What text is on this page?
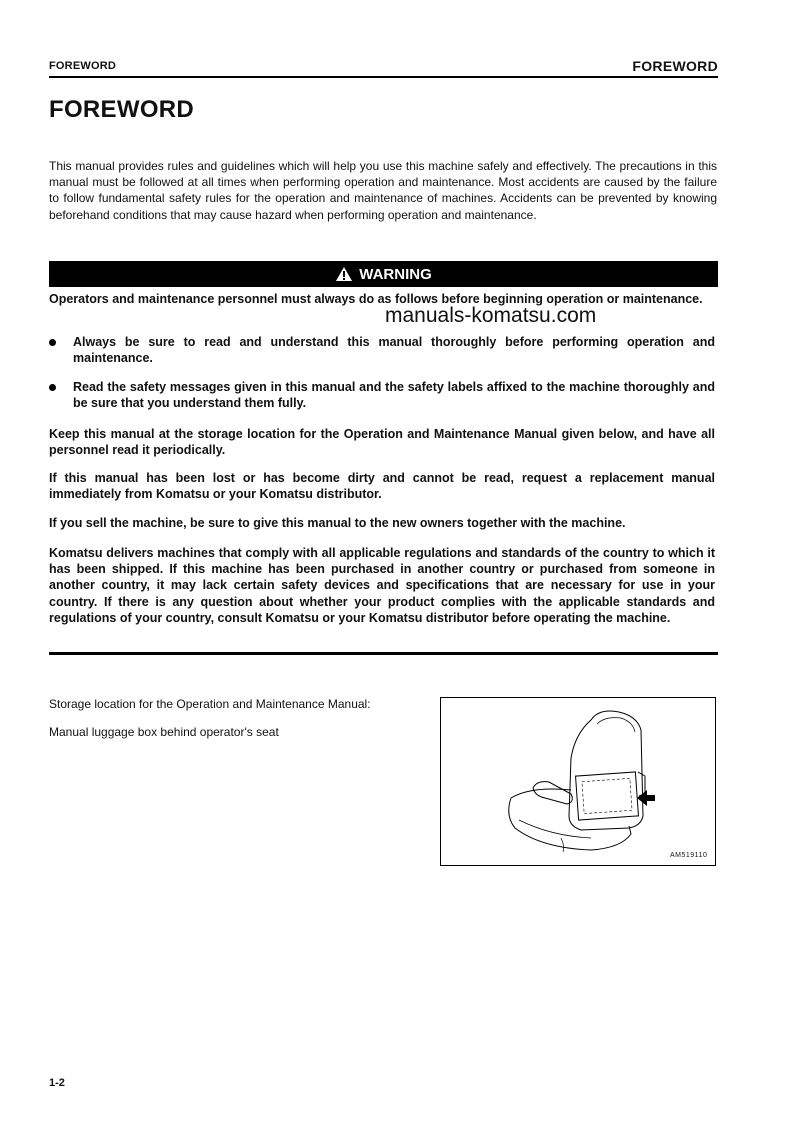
FOREWORD	FOREWORD
FOREWORD
This manual provides rules and guidelines which will help you use this machine safely and effectively. The precautions in this manual must be followed at all times when performing operation and maintenance. Most accidents are caused by the failure to follow fundamental safety rules for the operation and maintenance of machines. Accidents can be prevented by knowing beforehand conditions that may cause hazard when performing operation and maintenance.
WARNING

Operators and maintenance personnel must always do as follows before beginning operation or maintenance.

manuals-komatsu.com
Always be sure to read and understand this manual thoroughly before performing operation and maintenance.
Read the safety messages given in this manual and the safety labels affixed to the machine thoroughly and be sure that you understand them fully.

Keep this manual at the storage location for the Operation and Maintenance Manual given below, and have all personnel read it periodically.

If this manual has been lost or has become dirty and cannot be read, request a replacement manual immediately from Komatsu or your Komatsu distributor.

If you sell the machine, be sure to give this manual to the new owners together with the machine.

Komatsu delivers machines that comply with all applicable regulations and standards of the country to which it has been shipped. If this machine has been purchased in another country or purchased from someone in another country, it may lack certain safety devices and specifications that are necessary for use in your country. If there is any question about whether your product complies with the applicable standards and regulations of your country, consult Komatsu or your Komatsu distributor before operating the machine.

Storage location for the Operation and Maintenance Manual:
Manual luggage box behind operator's seat
AM519110
1-2
